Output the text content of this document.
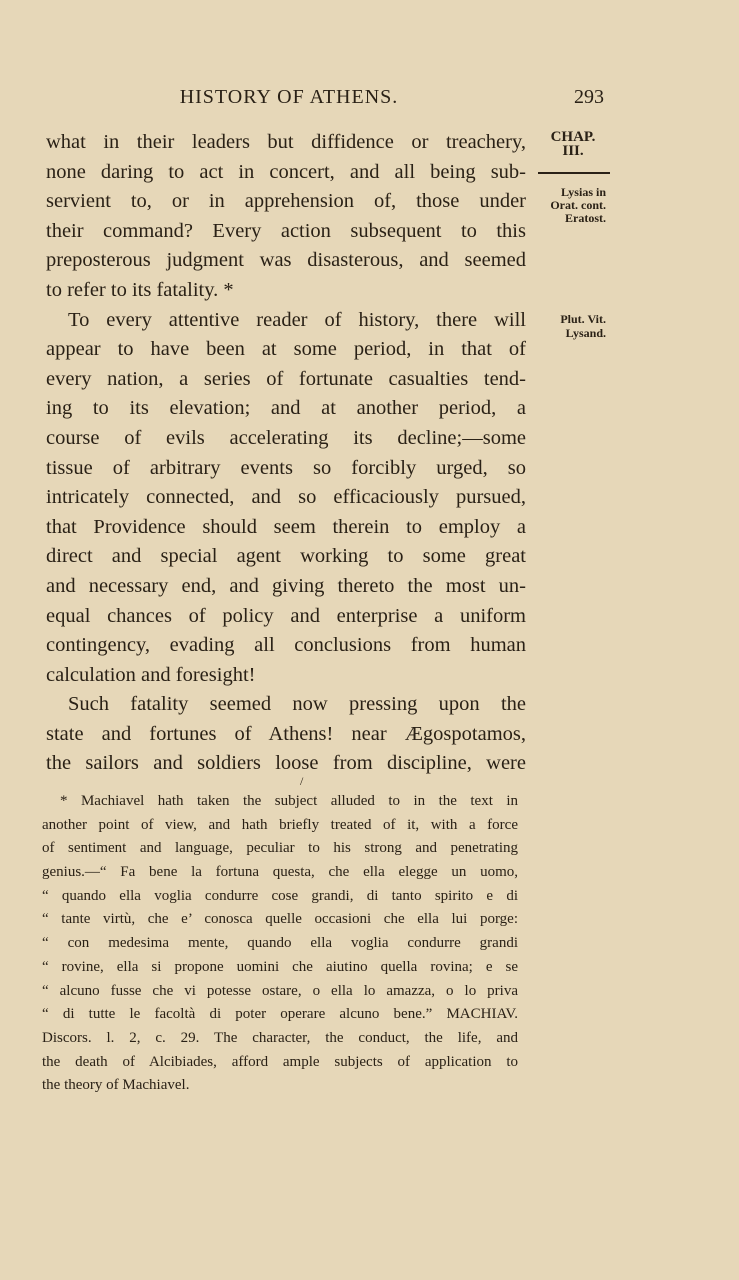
HISTORY OF ATHENS.	293
CHAP.
III.
Lysias in
Orat. cont.
Eratost.
Plut. Vit.
Lysand.
what in their leaders but diffidence or treachery,
none daring to act in concert, and all being sub-
servient to, or in apprehension of, those under
their command? Every action subsequent to this
preposterous judgment was disasterous, and seemed
to refer to its fatality. *
To every attentive reader of history, there will
appear to have been at some period, in that of
every nation, a series of fortunate casualties tend-
ing to its elevation; and at another period, a
course of evils accelerating its decline;—some
tissue of arbitrary events so forcibly urged, so
intricately connected, and so efficaciously pursued,
that Providence should seem therein to employ a
direct and special agent working to some great
and necessary end, and giving thereto the most un-
equal chances of policy and enterprise a uniform
contingency, evading all conclusions from human
calculation and foresight!
Such fatality seemed now pressing upon the
state and fortunes of Athens! near Ægospotamos,
the sailors and soldiers loose from discipline, were
/
* Machiavel hath taken the subject alluded to in the text in
another point of view, and hath briefly treated of it, with a force
of sentiment and language, peculiar to his strong and penetrating
genius.—“ Fa bene la fortuna questa, che ella elegge un uomo,
“ quando ella voglia condurre cose grandi, di tanto spirito e di
“ tante virtù, che e’ conosca quelle occasioni che ella lui porge:
“ con medesima mente, quando ella voglia condurre grandi
“ rovine, ella si propone uomini che aiutino quella rovina; e se
“ alcuno fusse che vi potesse ostare, o ella lo amazza, o lo priva
“ di tutte le facoltà di poter operare alcuno bene.” MACHIAV.
Discors. l. 2, c. 29. The character, the conduct, the life, and
the death of Alcibiades, afford ample subjects of application to
the theory of Machiavel.
